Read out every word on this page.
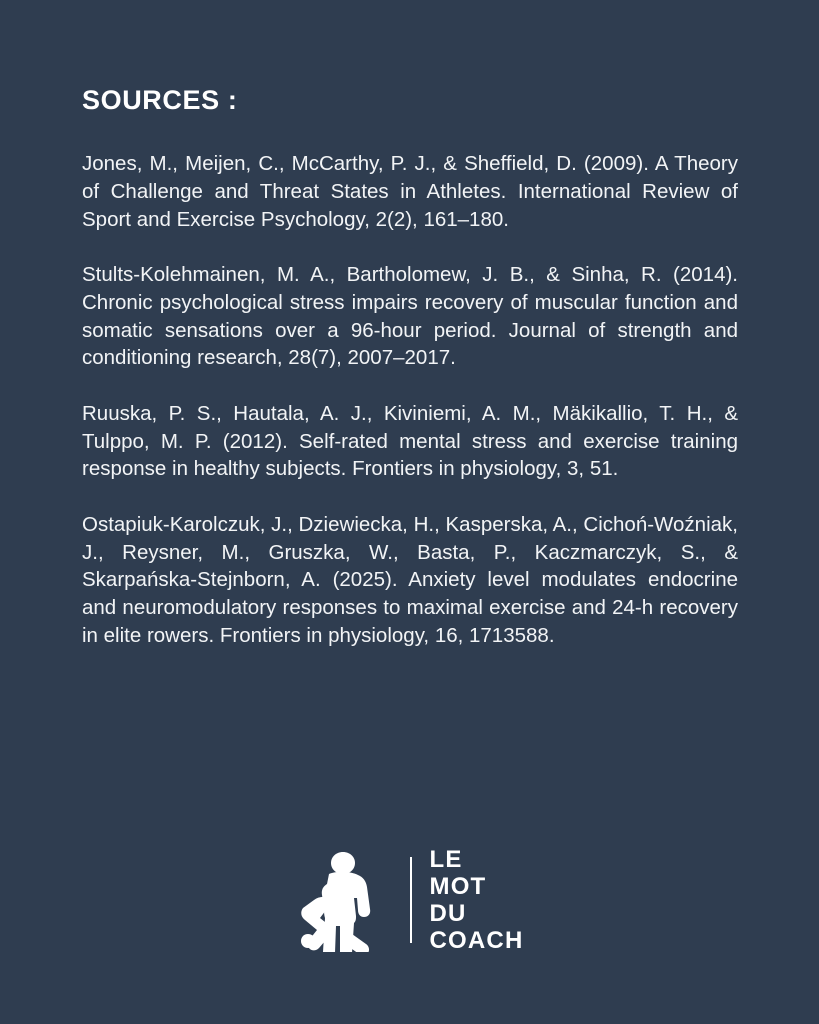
SOURCES :

Jones, M., Meijen, C., McCarthy, P. J., & Sheffield, D. (2009). A Theory of Challenge and Threat States in Athletes. International Review of Sport and Exercise Psychology, 2(2), 161–180.

Stults-Kolehmainen, M. A., Bartholomew, J. B., & Sinha, R. (2014). Chronic psychological stress impairs recovery of muscular function and somatic sensations over a 96-hour period. Journal of strength and conditioning research, 28(7), 2007–2017.

Ruuska, P. S., Hautala, A. J., Kiviniemi, A. M., Mäkikallio, T. H., & Tulppo, M. P. (2012). Self-rated mental stress and exercise training response in healthy subjects. Frontiers in physiology, 3, 51.

Ostapiuk-Karolczuk, J., Dziewiecka, H., Kasperska, A., Cichoń-Woźniak, J., Reysner, M., Gruszka, W., Basta, P., Kaczmarczyk, S., & Skarpańska-Stejnborn, A. (2025). Anxiety level modulates endocrine and neuromodulatory responses to maximal exercise and 24-h recovery in elite rowers. Frontiers in physiology, 16, 1713588.

LE
MOT
DU
COACH
